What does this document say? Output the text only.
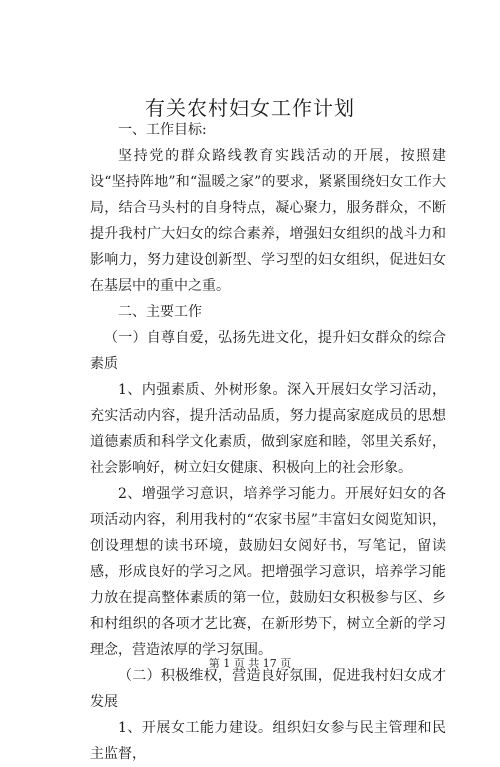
有关农村妇女工作计划

一、工作目标:

坚持党的群众路线教育实践活动的开展，按照建设“坚持阵地”和“温暖之家”的要求，紧紧围绕妇女工作大局，结合马头村的自身特点，凝心聚力，服务群众，不断提升我村广大妇女的综合素养，增强妇女组织的战斗力和影响力，努力建设创新型、学习型的妇女组织，促进妇女在基层中的重中之重。

二、主要工作

（一）自尊自爱，弘扬先进文化，提升妇女群众的综合素质

1、内强素质、外树形象。深入开展妇女学习活动，充实活动内容，提升活动品质，努力提高家庭成员的思想道德素质和科学文化素质，做到家庭和睦，邻里关系好，社会影响好，树立妇女健康、积极向上的社会形象。

2、增强学习意识，培养学习能力。开展好妇女的各项活动内容，利用我村的“农家书屋”丰富妇女阅览知识，创设理想的读书环境，鼓励妇女阅好书，写笔记，留读感，形成良好的学习之风。把增强学习意识，培养学习能力放在提高整体素质的第一位，鼓励妇女积极参与区、乡和村组织的各项才艺比赛，在新形势下，树立全新的学习理念，营造浓厚的学习氛围。

（二）积极维权，营造良好氛围，促进我村妇女成才发展

1、开展女工能力建设。组织妇女参与民主管理和民主监督，

第 1 页 共 17 页
